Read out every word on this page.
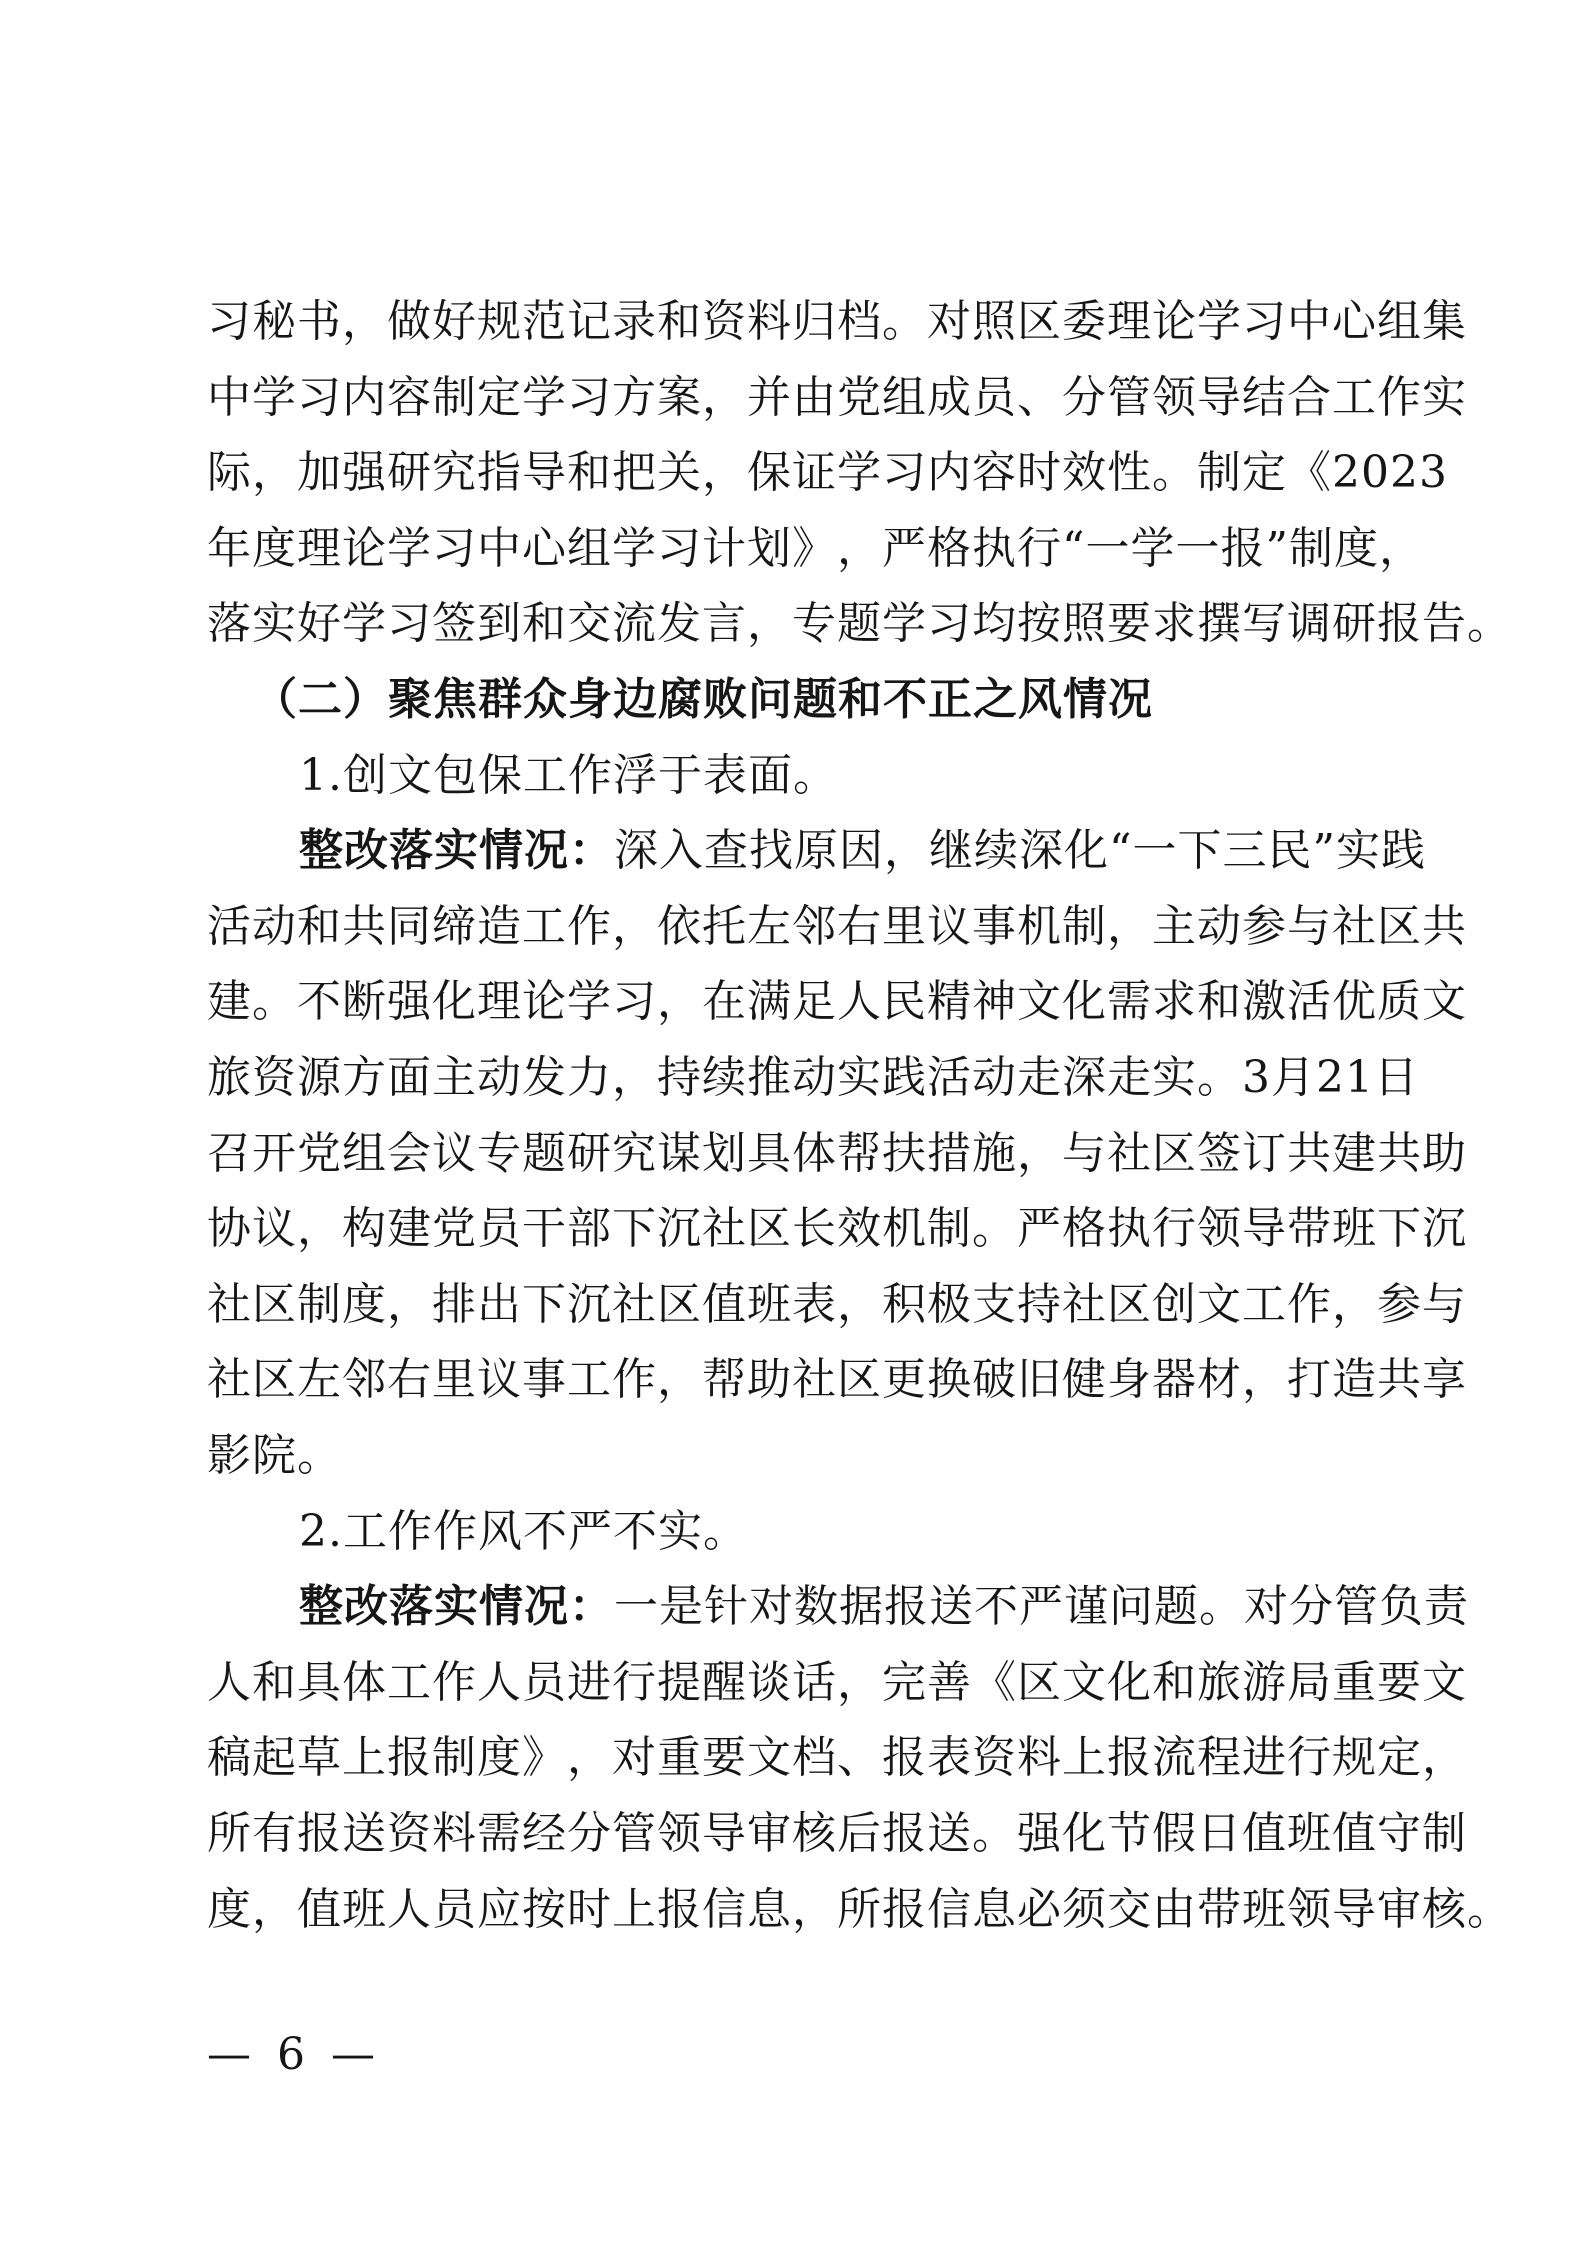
习 秘 书 ， 做 好 规 范 记 录 和 资 料 归 档 。 对 照 区 委 理 论 学 习 中 心 组 集
中 学 习 内 容 制 定 学 习 方 案 ， 并 由 党 组 成 员 、 分 管 领 导 结 合 工 作 实
际 ， 加 强 研 究 指 导 和 把 关 ， 保 证 学 习 内 容 时 效 性 。 制 定 《 2023
年 度 理 论 学 习 中 心 组 学 习 计 划 》 ， 严 格 执 行 “ 一 学 一 报 ” 制 度 ，
落 实 好 学 习 签 到 和 交 流 发 言 ， 专 题 学 习 均 按 照 要 求 撰 写 调 研 报 告 。
（二）聚焦群众身边腐败问题和不正之风情况
1.创文包保工作浮于表面。
整改落实情况： 深 入 查 找 原 因 ， 继 续 深 化 “ 一 下 三 民 ” 实 践
活 动 和 共 同 缔 造 工 作 ， 依 托 左 邻 右 里 议 事 机 制 ， 主 动 参 与 社 区 共
建 。 不 断 强 化 理 论 学 习 ， 在 满 足 人 民 精 神 文 化 需 求 和 激 活 优 质 文
旅 资 源 方 面 主 动 发 力 ， 持 续 推 动 实 践 活 动 走 深 走 实 。 3 月 21 日
召 开 党 组 会 议 专 题 研 究 谋 划 具 体 帮 扶 措 施 ， 与 社 区 签 订 共 建 共 助
协 议 ， 构 建 党 员 干 部 下 沉 社 区 长 效 机 制 。 严 格 执 行 领 导 带 班 下 沉
社 区 制 度 ， 排 出 下 沉 社 区 值 班 表 ， 积 极 支 持 社 区 创 文 工 作 ， 参 与
社 区 左 邻 右 里 议 事 工 作 ， 帮 助 社 区 更 换 破 旧 健 身 器 材 ， 打 造 共 享
影院。
2.工作作风不严不实。
整改落实情况： 一 是 针 对 数 据 报 送 不 严 谨 问 题 。 对 分 管 负 责
人 和 具 体 工 作 人 员 进 行 提 醒 谈 话 ， 完 善 《 区 文 化 和 旅 游 局 重 要 文
稿 起 草 上 报 制 度 》 ， 对 重 要 文 档 、 报 表 资 料 上 报 流 程 进 行 规 定 ，
所 有 报 送 资 料 需 经 分 管 领 导 审 核 后 报 送 。 强 化 节 假 日 值 班 值 守 制
度 ， 值 班 人 员 应 按 时 上 报 信 息 ， 所 报 信 息 必 须 交 由 带 班 领 导 审 核 。
— 6 —
